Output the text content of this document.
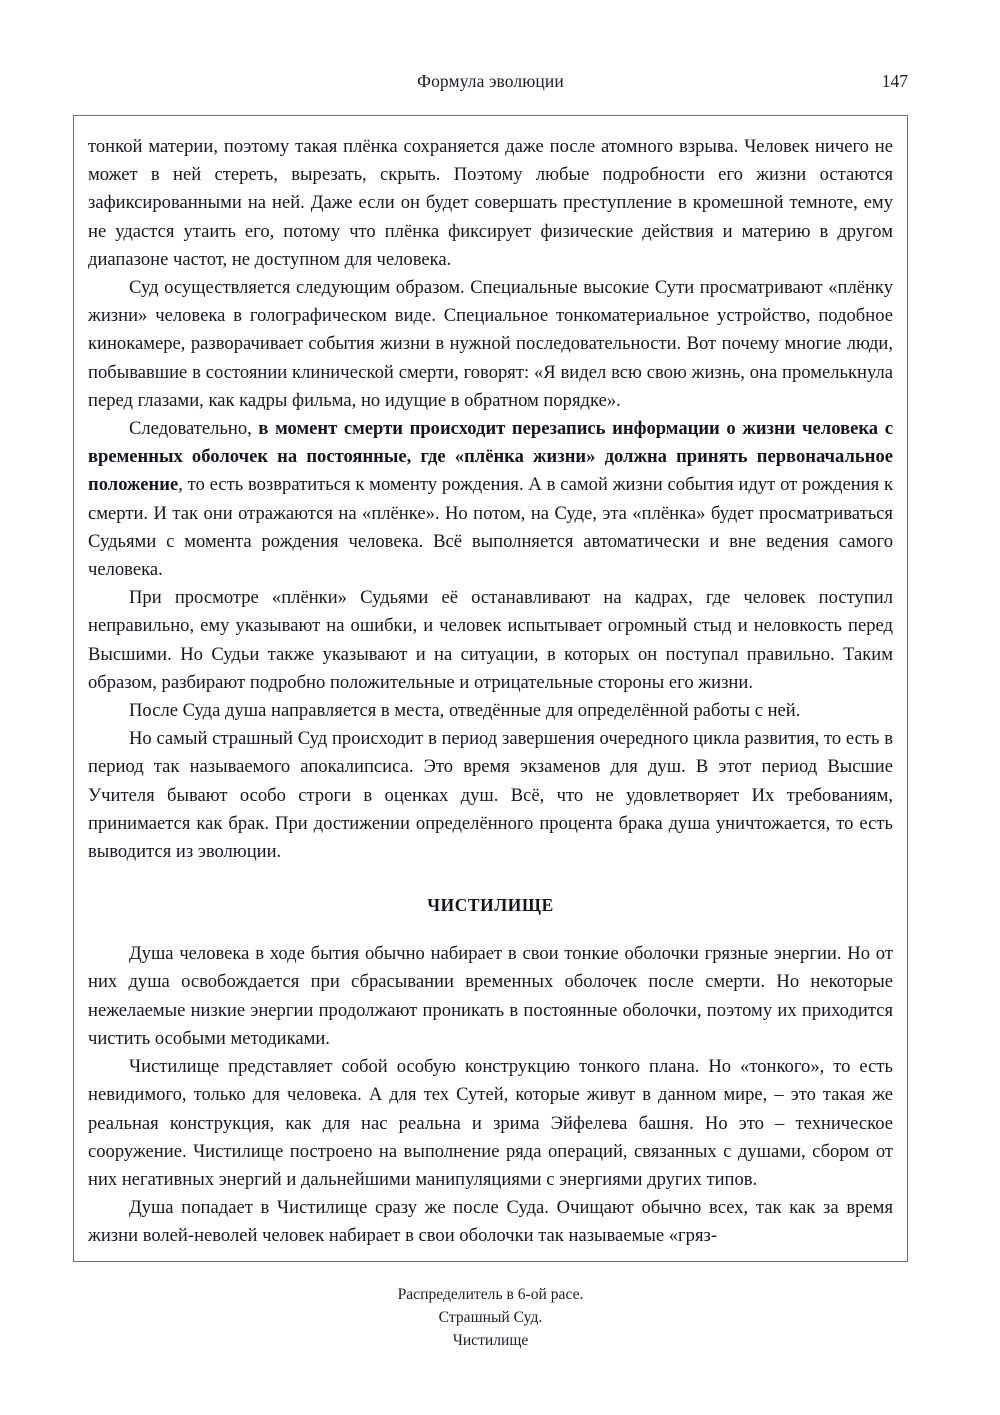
Формула эволюции	147

тонкой материи, поэтому такая плёнка сохраняется даже после атомного взрыва. Человек ничего не может в ней стереть, вырезать, скрыть. Поэтому любые подробности его жизни остаются зафиксированными на ней. Даже если он будет совершать преступление в кромешной темноте, ему не удастся утаить его, потому что плёнка фиксирует физические действия и материю в другом диапазоне частот, не доступном для человека.

Суд осуществляется следующим образом. Специальные высокие Сути просматривают «плёнку жизни» человека в голографическом виде. Специальное тонкоматериальное устройство, подобное кинокамере, разворачивает события жизни в нужной последовательности. Вот почему многие люди, побывавшие в состоянии клинической смерти, говорят: «Я видел всю свою жизнь, она промелькнула перед глазами, как кадры фильма, но идущие в обратном порядке».

Следовательно, в момент смерти происходит перезапись информации о жизни человека с временных оболочек на постоянные, где «плёнка жизни» должна принять первоначальное положение, то есть возвратиться к моменту рождения. А в самой жизни события идут от рождения к смерти. И так они отражаются на «плёнке». Но потом, на Суде, эта «плёнка» будет просматриваться Судьями с момента рождения человека. Всё выполняется автоматически и вне ведения самого человека.

При просмотре «плёнки» Судьями её останавливают на кадрах, где человек поступил неправильно, ему указывают на ошибки, и человек испытывает огромный стыд и неловкость перед Высшими. Но Судьи также указывают и на ситуации, в которых он поступал правильно. Таким образом, разбирают подробно положительные и отрицательные стороны его жизни.

После Суда душа направляется в места, отведённые для определённой работы с ней.

Но самый страшный Суд происходит в период завершения очередного цикла развития, то есть в период так называемого апокалипсиса. Это время экзаменов для душ. В этот период Высшие Учителя бывают особо строги в оценках душ. Всё, что не удовлетворяет Их требованиям, принимается как брак. При достижении определённого процента брака душа уничтожается, то есть выводится из эволюции.

ЧИСТИЛИЩЕ

Душа человека в ходе бытия обычно набирает в свои тонкие оболочки грязные энергии. Но от них душа освобождается при сбрасывании временных оболочек после смерти. Но некоторые нежелаемые низкие энергии продолжают проникать в постоянные оболочки, поэтому их приходится чистить особыми методиками.

Чистилище представляет собой особую конструкцию тонкого плана. Но «тонкого», то есть невидимого, только для человека. А для тех Сутей, которые живут в данном мире, – это такая же реальная конструкция, как для нас реальна и зрима Эйфелева башня. Но это – техническое сооружение. Чистилище построено на выполнение ряда операций, связанных с душами, сбором от них негативных энергий и дальнейшими манипуляциями с энергиями других типов.

Душа попадает в Чистилище сразу же после Суда. Очищают обычно всех, так как за время жизни волей-неволей человек набирает в свои оболочки так называемые «гряз-

Распределитель в 6-ой расе.
Страшный Суд.
Чистилище
